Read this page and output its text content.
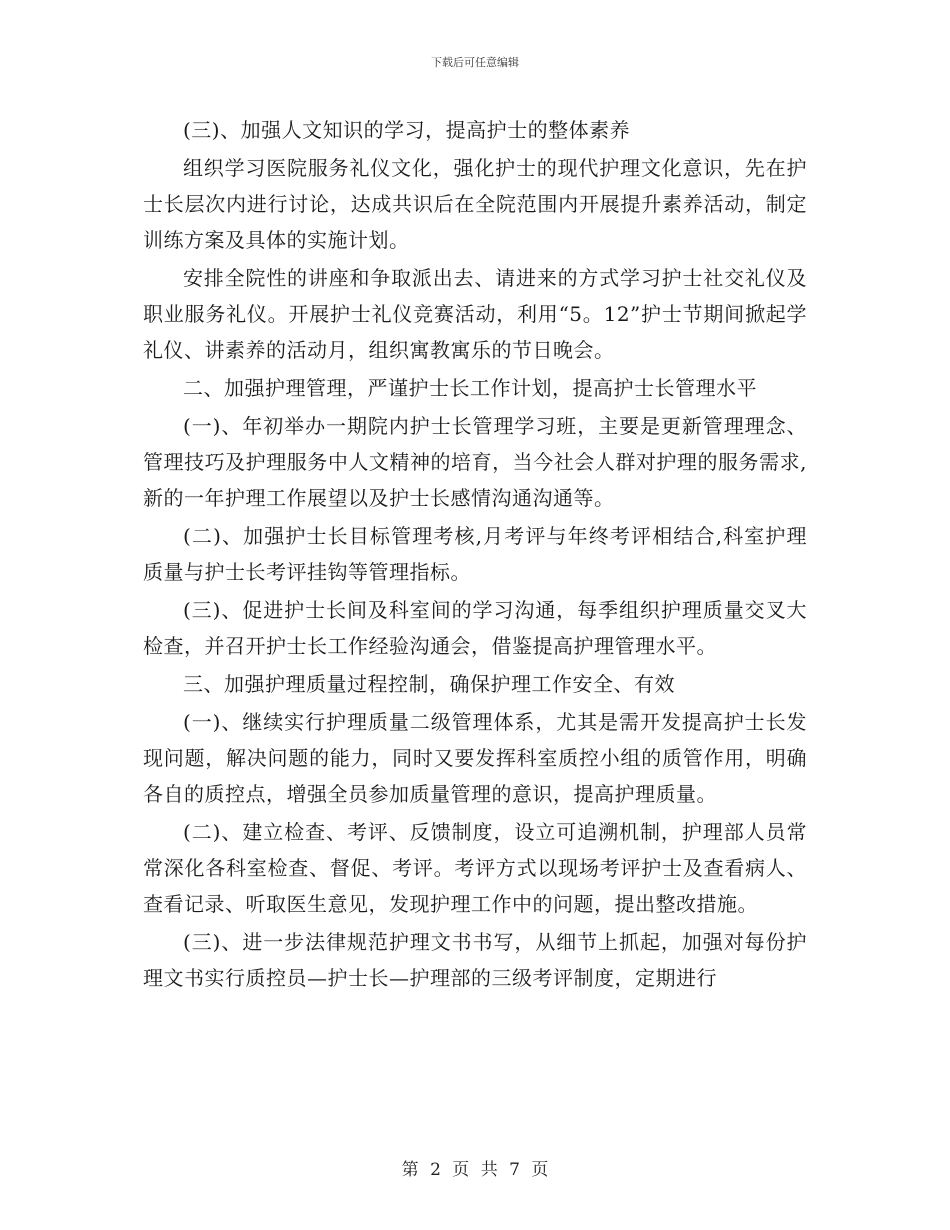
下载后可任意编辑

(三)、加强人文知识的学习，提高护士的整体素养

组织学习医院服务礼仪文化，强化护士的现代护理文化意识，先在护士长层次内进行讨论，达成共识后在全院范围内开展提升素养活动，制定训练方案及具体的实施计划。

安排全院性的讲座和争取派出去、请进来的方式学习护士社交礼仪及职业服务礼仪。开展护士礼仪竞赛活动，利用“5。12”护士节期间掀起学礼仪、讲素养的活动月，组织寓教寓乐的节日晚会。

二、加强护理管理，严谨护士长工作计划，提高护士长管理水平

(一)、年初举办一期院内护士长管理学习班，主要是更新管理理念、管理技巧及护理服务中人文精神的培育，当今社会人群对护理的服务需求,新的一年护理工作展望以及护士长感情沟通沟通等。

(二)、加强护士长目标管理考核,月考评与年终考评相结合,科室护理质量与护士长考评挂钩等管理指标。

(三)、促进护士长间及科室间的学习沟通，每季组织护理质量交叉大检查，并召开护士长工作经验沟通会，借鉴提高护理管理水平。

三、加强护理质量过程控制，确保护理工作安全、有效

(一)、继续实行护理质量二级管理体系，尤其是需开发提高护士长发现问题，解决问题的能力，同时又要发挥科室质控小组的质管作用，明确各自的质控点，增强全员参加质量管理的意识，提高护理质量。

(二)、建立检查、考评、反馈制度，设立可追溯机制，护理部人员常常深化各科室检查、督促、考评。考评方式以现场考评护士及查看病人、查看记录、听取医生意见，发现护理工作中的问题，提出整改措施。

(三)、进一步法律规范护理文书书写，从细节上抓起，加强对每份护理文书实行质控员—护士长—护理部的三级考评制度，定期进行

第 2 页 共 7 页
